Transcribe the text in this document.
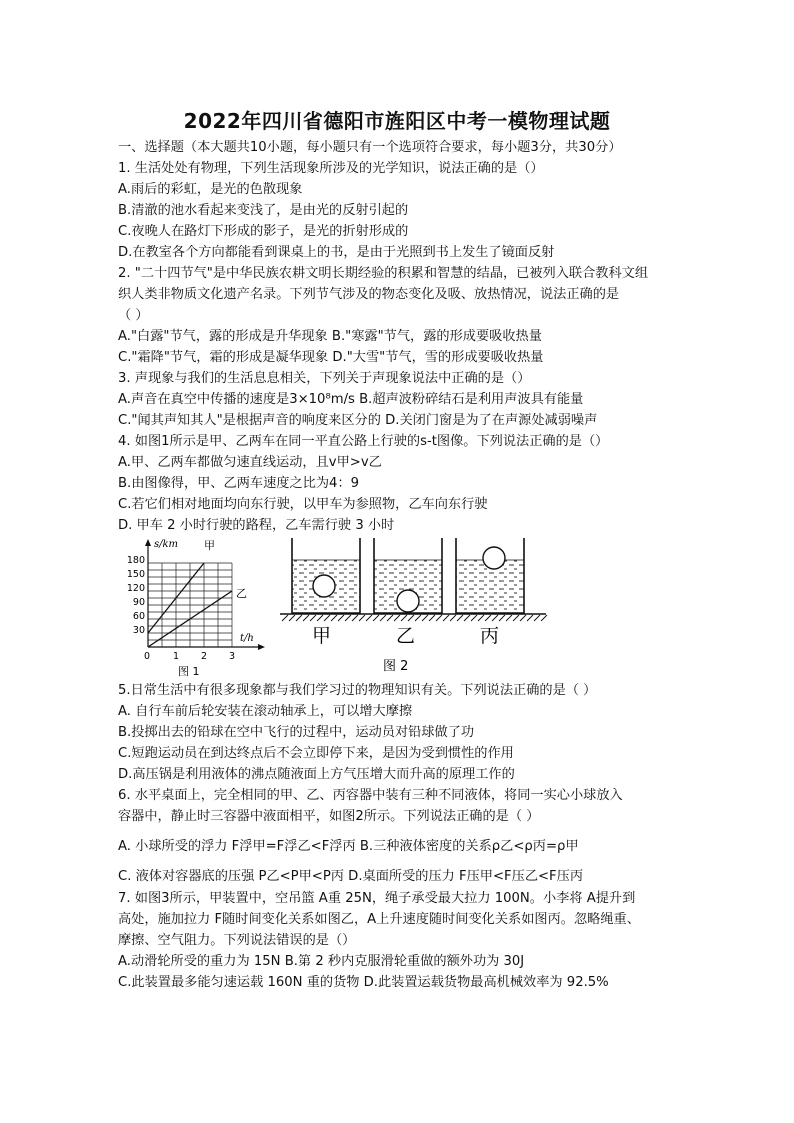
2022年四川省德阳市旌阳区中考一模物理试题
一、选择题（本大题共10小题，每小题只有一个选项符合要求，每小题3分，共30分）
1. 生活处处有物理，下列生活现象所涉及的光学知识，说法正确的是（）
A.雨后的彩虹，是光的色散现象
B.清澈的池水看起来变浅了，是由光的反射引起的
C.夜晚人在路灯下形成的影子，是光的折射形成的
D.在教室各个方向都能看到课桌上的书，是由于光照到书上发生了镜面反射
2. "二十四节气"是中华民族农耕文明长期经验的积累和智慧的结晶，已被列入联合教科文组
织人类非物质文化遗产名录。下列节气涉及的物态变化及吸、放热情况，说法正确的是
（ ）
A."白露"节气，露的形成是升华现象 B."寒露"节气，露的形成要吸收热量
C."霜降"节气，霜的形成是凝华现象 D."大雪"节气，雪的形成要吸收热量
3. 声现象与我们的生活息息相关，下列关于声现象说法中正确的是（）
A.声音在真空中传播的速度是3×10⁸m/s B.超声波粉碎结石是利用声波具有能量
C."闻其声知其人"是根据声音的响度来区分的 D.关闭门窗是为了在声源处减弱噪声
4. 如图1所示是甲、乙两车在同一平直公路上行驶的s-t图像。下列说法正确的是（）
A.甲、乙两车都做匀速直线运动，且v甲>v乙
B.由图像得，甲、乙两车速度之比为4：9
C.若它们相对地面均向东行驶，以甲车为参照物，乙车向东行驶
D. 甲车 2 小时行驶的路程，乙车需行驶 3 小时
s/km
t/h
180
150
120
90
60
30
0 1 2 3
甲
乙
图 1
甲	乙	丙
图 2
5.日常生活中有很多现象都与我们学习过的物理知识有关。下列说法正确的是（ ）
A. 自行车前后轮安装在滚动轴承上，可以增大摩擦
B.投掷出去的铅球在空中飞行的过程中，运动员对铅球做了功
C.短跑运动员在到达终点后不会立即停下来，是因为受到惯性的作用
D.高压锅是利用液体的沸点随液面上方气压增大而升高的原理工作的
6. 水平桌面上，完全相同的甲、乙、丙容器中装有三种不同液体，将同一实心小球放入
容器中，静止时三容器中液面相平，如图2所示。下列说法正确的是（ ）
A. 小球所受的浮力 F浮甲=F浮乙<F浮丙 B.三种液体密度的关系ρ乙<ρ丙=ρ甲
C. 液体对容器底的压强 P乙<P甲<P丙 D.桌面所受的压力 F压甲<F压乙<F压丙
7. 如图3所示，甲装置中，空吊篮 A重 25N，绳子承受最大拉力 100N。小李将 A提升到
高处，施加拉力 F随时间变化关系如图乙，A上升速度随时间变化关系如图丙。忽略绳重、
摩擦、空气阻力。下列说法错误的是（）
A.动滑轮所受的重力为 15N B.第 2 秒内克服滑轮重做的额外功为 30J
C.此装置最多能匀速运载 160N 重的货物 D.此装置运载货物最高机械效率为 92.5%
